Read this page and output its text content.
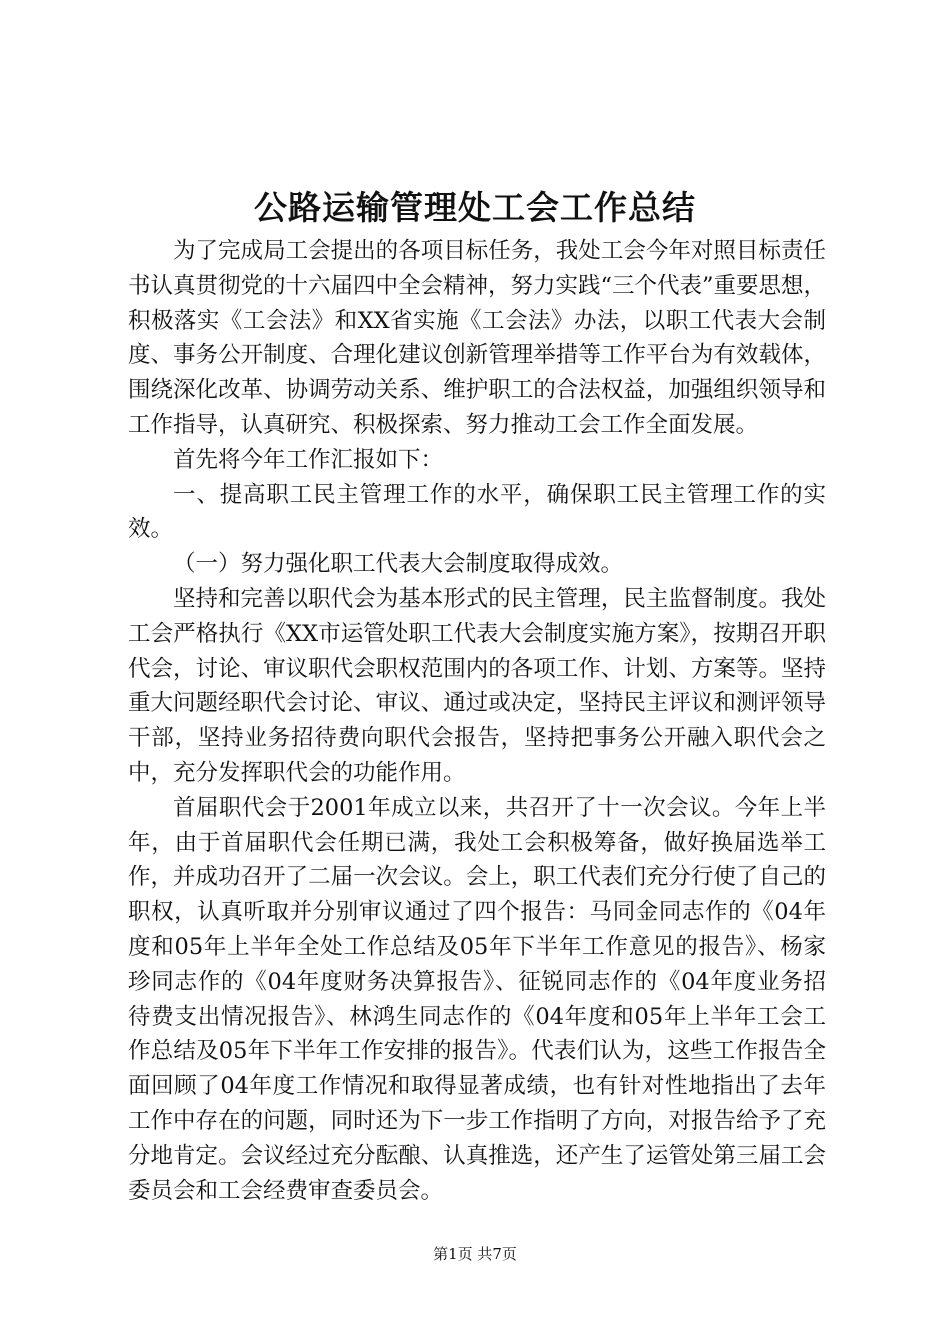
公路运输管理处工会工作总结

为了完成局工会提出的各项目标任务，我处工会今年对照目标责任书认真贯彻党的十六届四中全会精神，努力实践“三个代表”重要思想，积极落实《工会法》和XX省实施《工会法》办法，以职工代表大会制度、事务公开制度、合理化建议创新管理举措等工作平台为有效载体，围绕深化改革、协调劳动关系、维护职工的合法权益，加强组织领导和工作指导，认真研究、积极探索、努力推动工会工作全面发展。

首先将今年工作汇报如下：

一、提高职工民主管理工作的水平，确保职工民主管理工作的实效。

（一）努力强化职工代表大会制度取得成效。

坚持和完善以职代会为基本形式的民主管理，民主监督制度。我处工会严格执行《XX市运管处职工代表大会制度实施方案》，按期召开职代会，讨论、审议职代会职权范围内的各项工作、计划、方案等。坚持重大问题经职代会讨论、审议、通过或决定，坚持民主评议和测评领导干部，坚持业务招待费向职代会报告，坚持把事务公开融入职代会之中，充分发挥职代会的功能作用。

首届职代会于2001年成立以来，共召开了十一次会议。今年上半年，由于首届职代会任期已满，我处工会积极筹备，做好换届选举工作，并成功召开了二届一次会议。会上，职工代表们充分行使了自己的职权，认真听取并分别审议通过了四个报告：马同金同志作的《04年度和05年上半年全处工作总结及05年下半年工作意见的报告》、杨家珍同志作的《04年度财务决算报告》、征锐同志作的《04年度业务招待费支出情况报告》、林鸿生同志作的《04年度和05年上半年工会工作总结及05年下半年工作安排的报告》。代表们认为，这些工作报告全面回顾了04年度工作情况和取得显著成绩，也有针对性地指出了去年工作中存在的问题，同时还为下一步工作指明了方向，对报告给予了充分地肯定。会议经过充分酝酿、认真推选，还产生了运管处第三届工会委员会和工会经费审查委员会。

第1页 共7页
